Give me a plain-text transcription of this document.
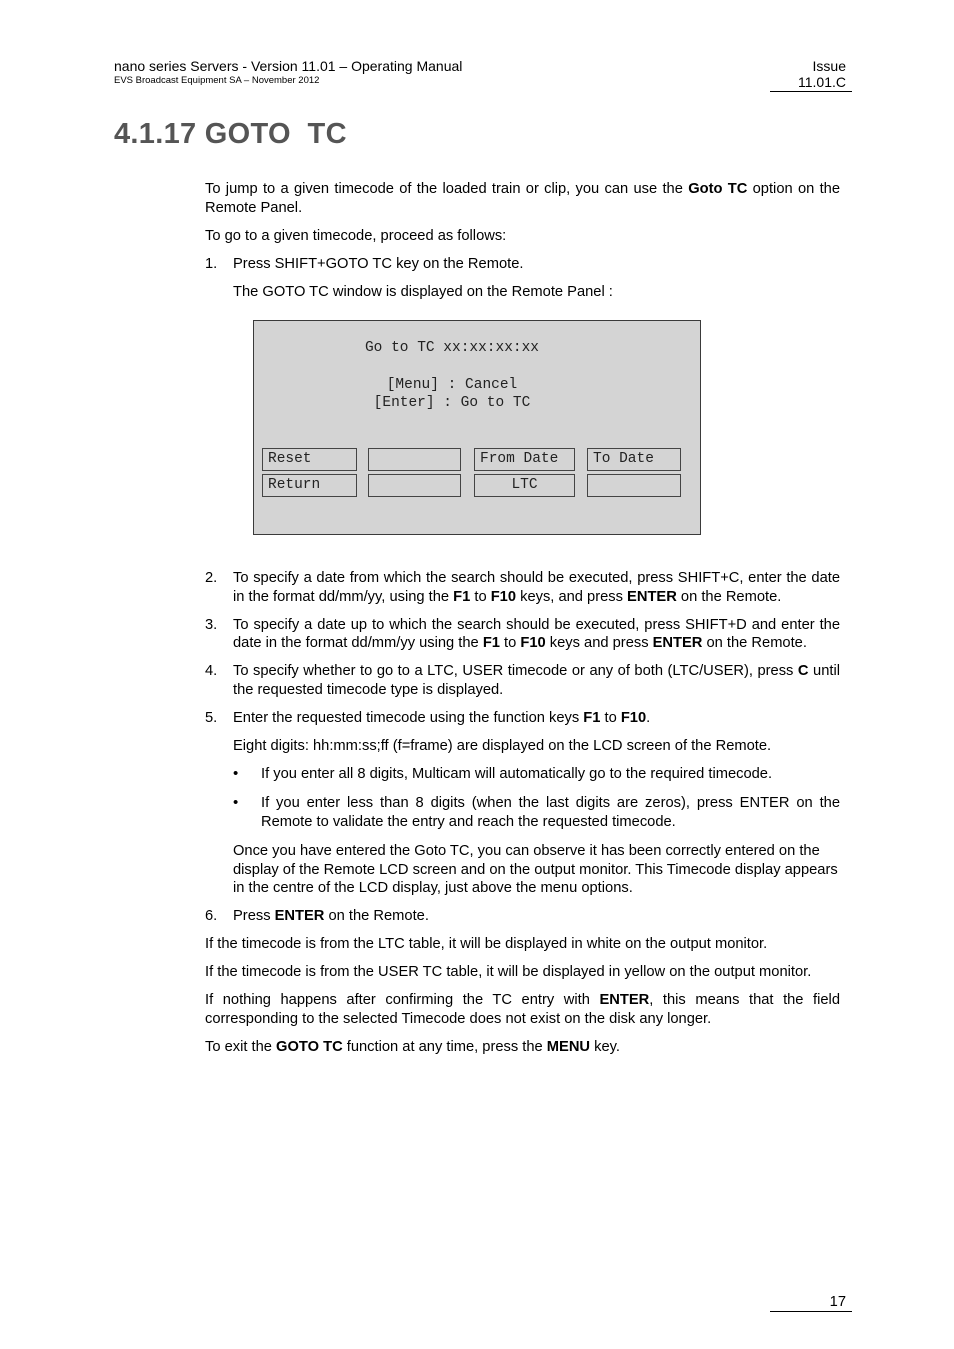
nano series Servers - Version 11.01 – Operating Manual
EVS Broadcast Equipment SA – November 2012
Issue
11.01.C
4.1.17 GOTO  TC

To jump to a given timecode of the loaded train or clip, you can use the Goto TC option on the Remote Panel.

To go to a given timecode, proceed as follows:

1. Press SHIFT+GOTO TC key on the Remote.
The GOTO TC window is displayed on the Remote Panel :
Go to TC xx:xx:xx:xx
[Menu] : Cancel
[Enter] : Go to TC
Reset
Return
From Date
LTC
To Date
2. To specify a date from which the search should be executed, press SHIFT+C, enter the date in the format dd/mm/yy, using the F1 to F10 keys, and press ENTER on the Remote.
3. To specify a date up to which the search should be executed, press SHIFT+D and enter the date in the format dd/mm/yy using the F1 to F10 keys and press ENTER on the Remote.
4. To specify whether to go to a LTC, USER timecode or any of both (LTC/USER), press C until the requested timecode type is displayed.
5. Enter the requested timecode using the function keys F1 to F10.
Eight digits: hh:mm:ss;ff (f=frame) are displayed on the LCD screen of the Remote.
• If you enter all 8 digits, Multicam will automatically go to the required timecode.
• If you enter less than 8 digits (when the last digits are zeros), press ENTER on the Remote to validate the entry and reach the requested timecode.
Once you have entered the Goto TC, you can observe it has been correctly entered on the display of the Remote LCD screen and on the output monitor. This Timecode display appears in the centre of the LCD display, just above the menu options.
6. Press ENTER on the Remote.

If the timecode is from the LTC table, it will be displayed in white on the output monitor.

If the timecode is from the USER TC table, it will be displayed in yellow on the output monitor.

If nothing happens after confirming the TC entry with ENTER, this means that the field corresponding to the selected Timecode does not exist on the disk any longer.

To exit the GOTO TC function at any time, press the MENU key.

17
